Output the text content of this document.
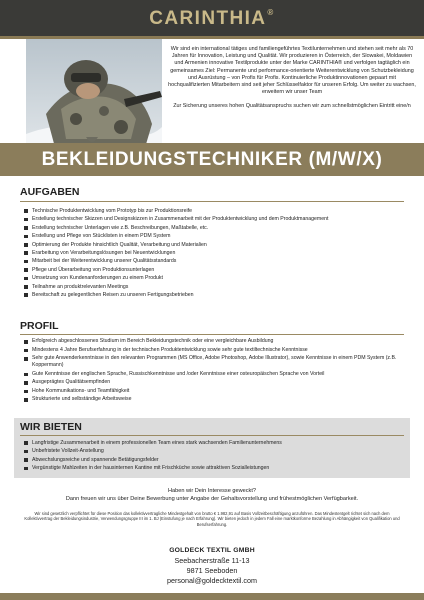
CARINTHIA®

Wir sind ein international tätiges und familiengeführtes Textilunternehmen und stehen seit mehr als 70 Jahren für Innovation, Leistung und Qualität. Wir produzieren in Österreich, der Slowakei, Moldawien und Armenien innovative Textilprodukte unter der Marke CARINTHIA® und verfolgen tagtäglich ein gemeinsames Ziel: Permanente und performance-orientierte Weiterentwicklung von Schutzbekleidung und Ausrüstung – von Profis für Profis. Kontinuierliche Produktinnovationen gepaart mit hochqualifizierten Mitarbeitern sind seit jeher Schlüsselfaktor für unseren Erfolg. Um weiter zu wachsen, erweitern wir unser Team

Zur Sicherung unseres hohen Qualitätsanspruchs suchen wir zum schnellstmöglichen Eintritt eine/n

BEKLEIDUNGSTECHNIKER (M/W/X)
AUFGABEN
Technische Produktentwicklung vom Prototyp bis zur Produktionsreife
Erstellung technischer Skizzen und Designskizzen in Zusammenarbeit mit der Produktentwicklung und dem Produktmanagement
Erstellung technischer Unterlagen wie z.B. Beschreibungen, Maßtabelle, etc.
Erstellung und Pflege von Stücklisten in einem PDM System
Optimierung der Produkte hinsichtlich Qualität, Verarbeitung und Materialien
Erarbeitung von Verarbeitungslösungen bei Neuentwicklungen
Mitarbeit bei der Weiterentwicklung unserer Qualitätsstandards
Pflege und Überarbeitung von Produktionsunterlagen
Umsetzung von Kundenanforderungen zu einem Produkt
Teilnahme an produktrelevanten Meetings
Bereitschaft zu gelegentlichen Reisen zu unseren Fertigungsbetrieben
PROFIL
Erfolgreich abgeschlossenes Studium im Bereich Bekleidungstechnik oder eine vergleichbare Ausbildung
Mindestens 4 Jahre Berufserfahrung in der technischen Produktentwicklung sowie sehr gute textiltechnische Kenntnisse
Sehr gute Anwenderkenntnisse in den relevanten Programmen (MS Office, Adobe Photoshop, Adobe Illustrator), sowie Kenntnisse in einem PDM System (z.B. Koppermann)
Gute Kenntnisse der englischen Sprache, Russischkenntnisse und /oder Kenntnisse einer osteuropäischen Sprache von Vorteil
Ausgeprägtes Qualitätsempfinden
Hohe Kommunikations- und Teamfähigkeit
Strukturierte und selbständige Arbeitsweise
WIR BIETEN
Langfristige Zusammenarbeit in einem professionellen Team eines stark wachsenden Familienunternehmens
Unbefristete Vollzeit-Anstellung
Abwechslungsreiche und spannende Betätigungsfelder
Vergünstigte Mahlzeiten in der hausinternen Kantine mit Frischküche sowie attraktiven Sozialleistungen
Haben wir Dein Interesse geweckt?
Dann freuen wir uns über Deine Bewerbung unter Angabe der Gehaltsvorstellung und frühestmöglichen Verfügbarkeit.
Wir sind gesetzlich verpflichtet für diese Position das kollektivvertragliche Mindestgehalt von brutto € 1.982,91 auf Basis Vollzeitbeschäftigung anzuführen. Das Mindestentgelt richtet sich nach dem Kollektivvertrag der Bekleidungsindustrie, Verwendungsgruppe III im 1. BJ (Einstufung je nach Erfahrung). Wir bieten jedoch in jedem Fall eine marktkonforme Bezahlung in Abhängigkeit von Qualifikation und Berufserfahrung.
GOLDECK TEXTIL GMBH
Seebacherstraße 11-13
9871 Seeboden
personal@goldecktextil.com
